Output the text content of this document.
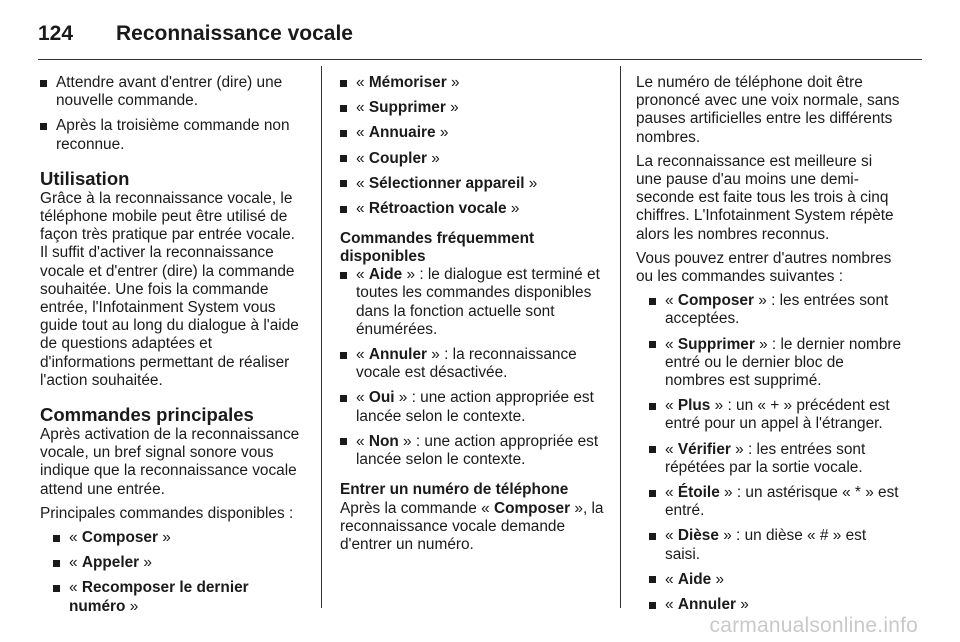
124	Reconnaissance vocale
Attendre avant d'entrer (dire) une nouvelle commande.
Après la troisième commande non reconnue.
Utilisation

Grâce à la reconnaissance vocale, le téléphone mobile peut être utilisé de façon très pratique par entrée vocale. Il suffit d'activer la reconnaissance vocale et d'entrer (dire) la commande souhaitée. Une fois la commande entrée, l'Infotainment System vous guide tout au long du dialogue à l'aide de questions adaptées et d'informations permettant de réaliser l'action souhaitée.

Commandes principales

Après activation de la reconnaissance vocale, un bref signal sonore vous indique que la reconnaissance vocale attend une entrée.

Principales commandes disponibles :

« Composer »
« Appeler »
« Recomposer le dernier numéro »
« Mémoriser »
« Supprimer »
« Annuaire »
« Coupler »
« Sélectionner appareil »
« Rétroaction vocale »
Commandes fréquemment disponibles
« Aide » : le dialogue est terminé et toutes les commandes disponibles dans la fonction actuelle sont énumérées.
« Annuler » : la reconnaissance vocale est désactivée.
« Oui » : une action appropriée est lancée selon le contexte.
« Non » : une action appropriée est lancée selon le contexte.
Entrer un numéro de téléphone

Après la commande « Composer », la reconnaissance vocale demande d'entrer un numéro.

Le numéro de téléphone doit être prononcé avec une voix normale, sans pauses artificielles entre les différents nombres.

La reconnaissance est meilleure si une pause d'au moins une demi-seconde est faite tous les trois à cinq chiffres. L'Infotainment System répète alors les nombres reconnus.

Vous pouvez entrer d'autres nombres ou les commandes suivantes :

« Composer » : les entrées sont acceptées.
« Supprimer » : le dernier nombre entré ou le dernier bloc de nombres est supprimé.
« Plus » : un « + » précédent est entré pour un appel à l'étranger.
« Vérifier » : les entrées sont répétées par la sortie vocale.
« Étoile » : un astérisque « * » est entré.
« Dièse » : un dièse « # » est saisi.
« Aide »
« Annuler »
carmanualsonline.info
